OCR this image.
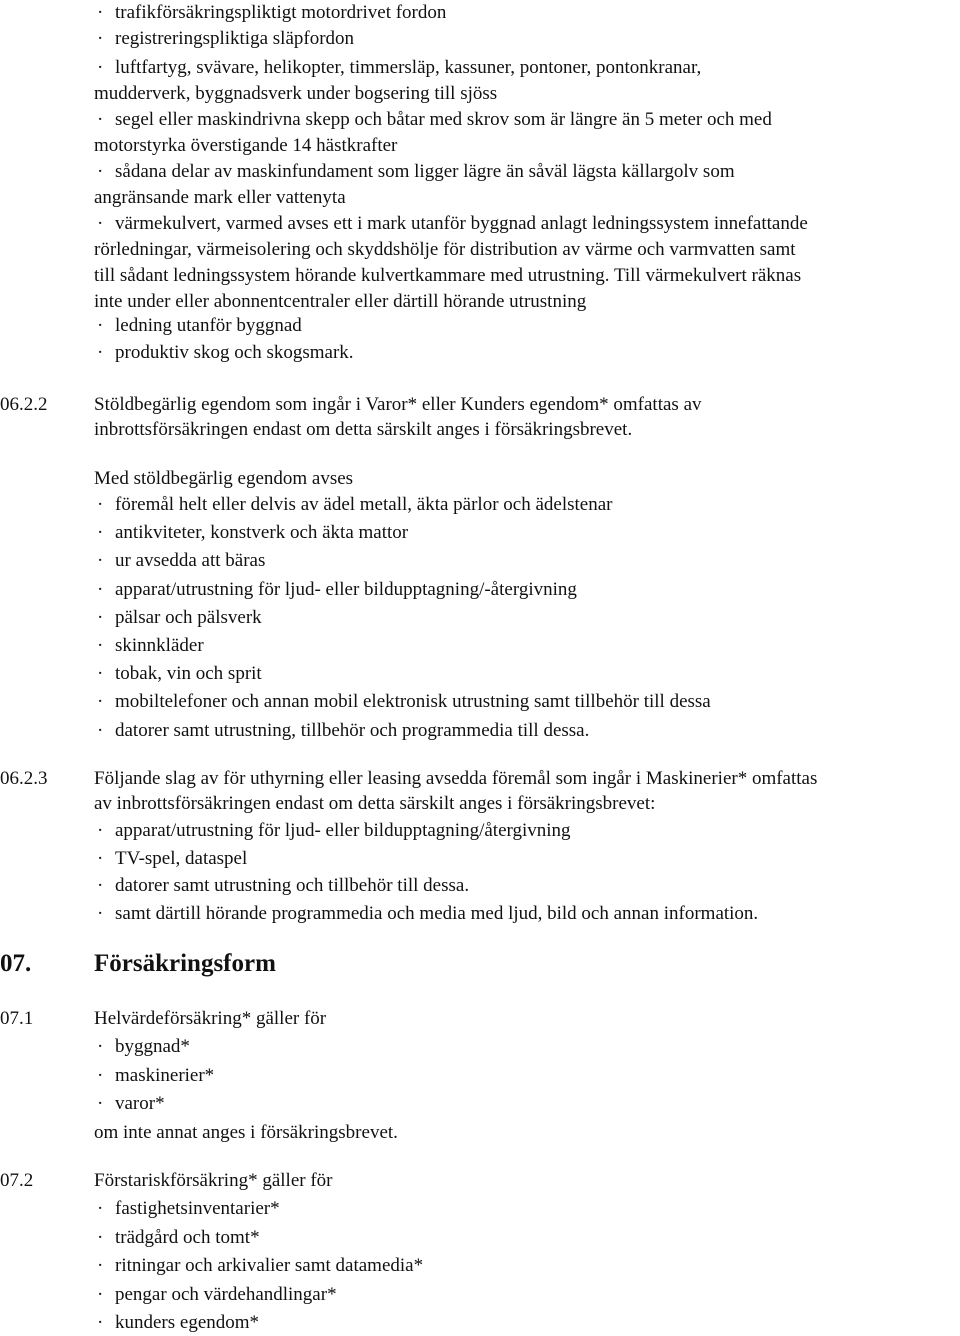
· trafikförsäkringspliktigt motordrivet fordon
· registreringspliktiga släpfordon
· luftfartyg, svävare, helikopter, timmersläp, kassuner, pontoner, pontonkranar,
mudderverk, byggnadsverk under bogsering till sjöss
· segel eller maskindrivna skepp och båtar med skrov som är längre än 5 meter och med
motorstyrka överstigande 14 hästkrafter
· sådana delar av maskinfundament som ligger lägre än såväl lägsta källargolv som
angränsande mark eller vattenyta
· värmekulvert, varmed avses ett i mark utanför byggnad anlagt ledningssystem innefattande
rörledningar, värmeisolering och skyddshölje för distribution av värme och varmvatten samt
till sådant ledningssystem hörande kulvertkammare med utrustning. Till värmekulvert räknas
inte under eller abonnentcentraler eller därtill hörande utrustning
· ledning utanför byggnad
· produktiv skog och skogsmark.
06.2.2 Stöldbegärlig egendom som ingår i Varor* eller Kunders egendom* omfattas av
inbrottsförsäkringen endast om detta särskilt anges i försäkringsbrevet.
Med stöldbegärlig egendom avses
· föremål helt eller delvis av ädel metall, äkta pärlor och ädelstenar
· antikviteter, konstverk och äkta mattor
· ur avsedda att bäras
· apparat/utrustning för ljud- eller bildupptagning/-återgivning
· pälsar och pälsverk
· skinnkläder
· tobak, vin och sprit
· mobiltelefoner och annan mobil elektronisk utrustning samt tillbehör till dessa
· datorer samt utrustning, tillbehör och programmedia till dessa.
06.2.3 Följande slag av för uthyrning eller leasing avsedda föremål som ingår i Maskinerier* omfattas
av inbrottsförsäkringen endast om detta särskilt anges i försäkringsbrevet:
· apparat/utrustning för ljud- eller bildupptagning/återgivning
· TV-spel, dataspel
· datorer samt utrustning och tillbehör till dessa.
· samt därtill hörande programmedia och media med ljud, bild och annan information.
07.	Försäkringsform
07.1	Helvärdeförsäkring* gäller för
· byggnad*
· maskinerier*
· varor*
om inte annat anges i försäkringsbrevet.
07.2	Förstariskförsäkring* gäller för
· fastighetsinventarier*
· trädgård och tomt*
· ritningar och arkivalier samt datamedia*
· pengar och värdehandlingar*
· kunders egendom*
